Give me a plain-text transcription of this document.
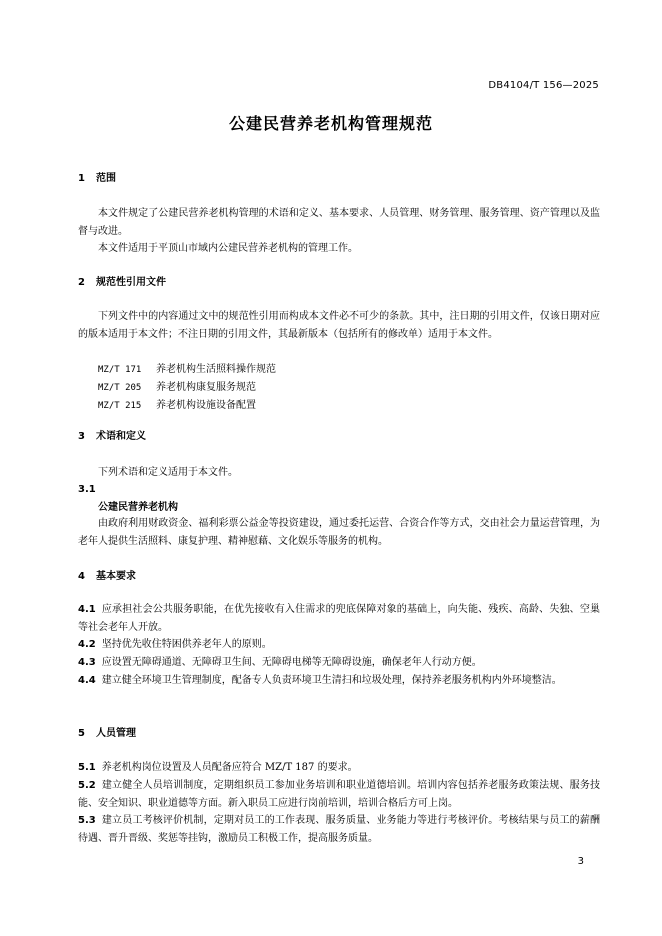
DB4104/T 156—2025
公建民营养老机构管理规范
1 范围

本文件规定了公建民营养老机构管理的术语和定义、基本要求、人员管理、财务管理、服务管理、资产管理以及监督与改进。

本文件适用于平顶山市域内公建民营养老机构的管理工作。

2 规范性引用文件

下列文件中的内容通过文中的规范性引用而构成本文件必不可少的条款。其中，注日期的引用文件，仅该日期对应的版本适用于本文件；不注日期的引用文件，其最新版本（包括所有的修改单）适用于本文件。

MZ/T 171 养老机构生活照料操作规范
MZ/T 205 养老机构康复服务规范
MZ/T 215 养老机构设施设备配置
3 术语和定义

下列术语和定义适用于本文件。

3.1
公建民营养老机构

由政府利用财政资金、福利彩票公益金等投资建设，通过委托运营、合资合作等方式，交由社会力量运营管理，为老年人提供生活照料、康复护理、精神慰藉、文化娱乐等服务的机构。

4 基本要求

4.1 应承担社会公共服务职能，在优先接收有入住需求的兜底保障对象的基础上，向失能、残疾、高龄、失独、空巢等社会老年人开放。

4.2 坚持优先收住特困供养老年人的原则。

4.3 应设置无障碍通道、无障碍卫生间、无障碍电梯等无障碍设施，确保老年人行动方便。

4.4 建立健全环境卫生管理制度，配备专人负责环境卫生清扫和垃圾处理，保持养老服务机构内外环境整洁。

5 人员管理

5.1 养老机构岗位设置及人员配备应符合 MZ/T 187 的要求。

5.2 建立健全人员培训制度，定期组织员工参加业务培训和职业道德培训。培训内容包括养老服务政策法规、服务技能、安全知识、职业道德等方面。新入职员工应进行岗前培训，培训合格后方可上岗。

5.3 建立员工考核评价机制，定期对员工的工作表现、服务质量、业务能力等进行考核评价。考核结果与员工的薪酬待遇、晋升晋级、奖惩等挂钩，激励员工积极工作，提高服务质量。

3
